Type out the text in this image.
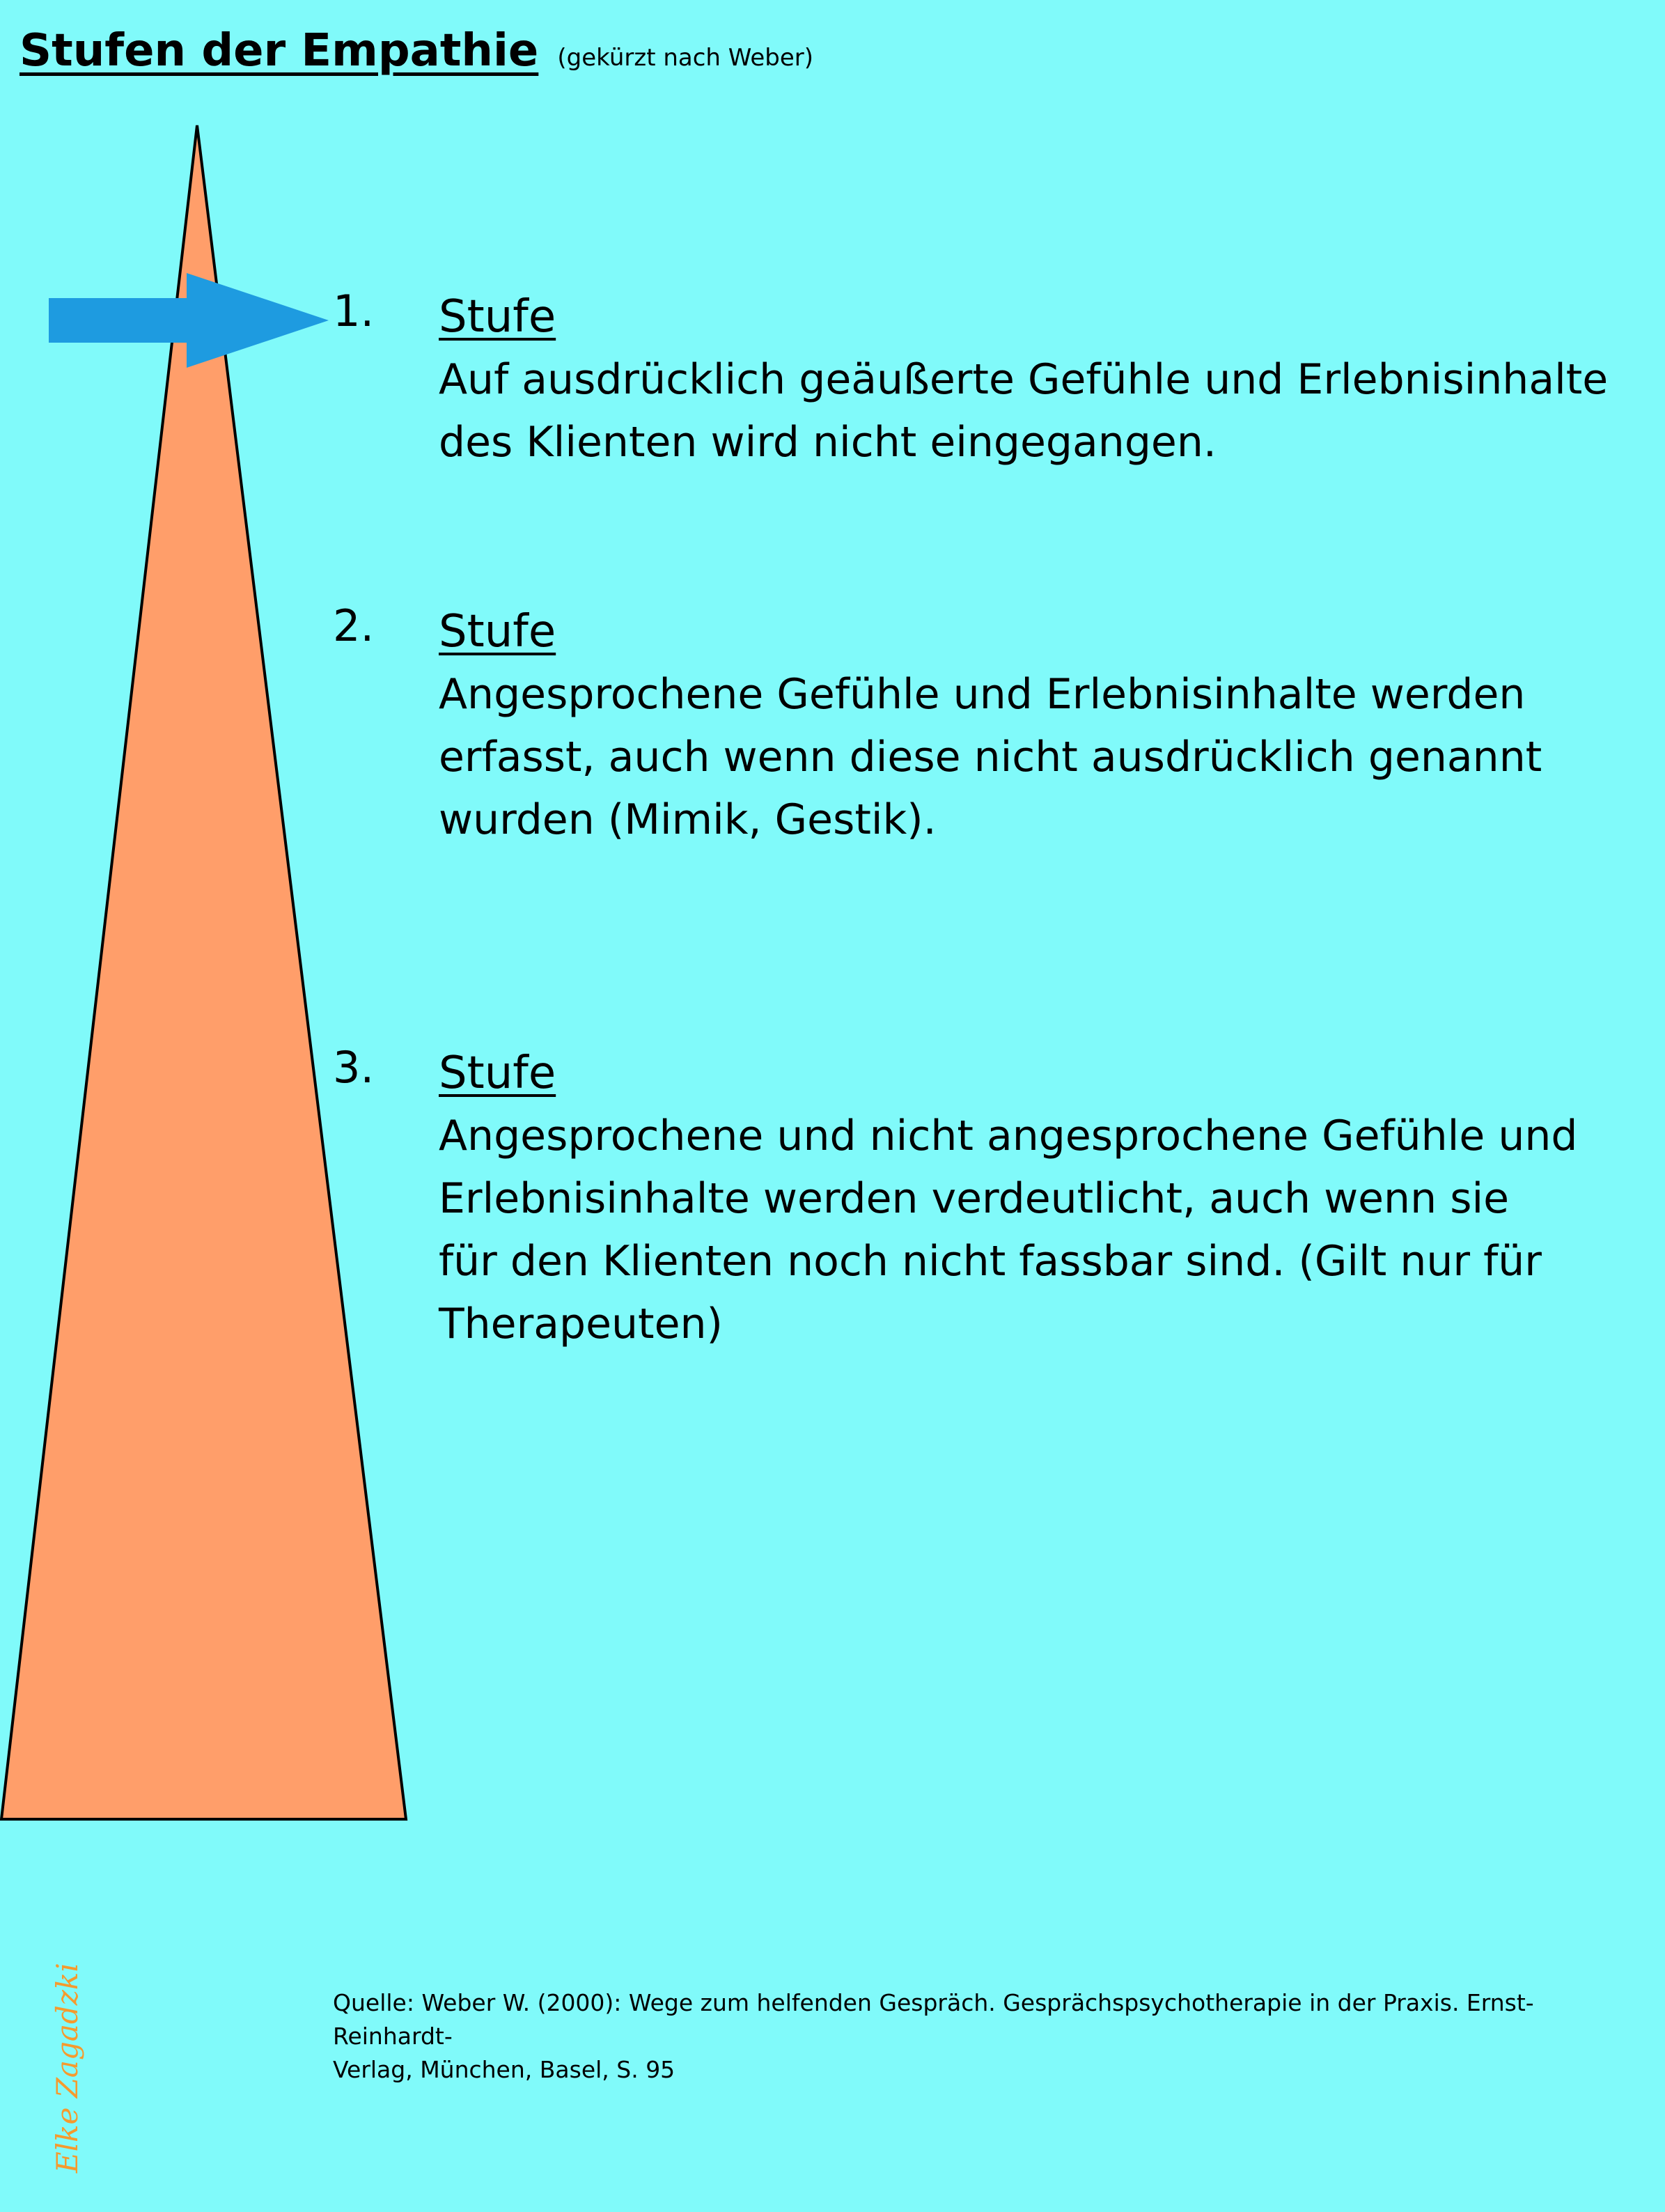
Stufen der Empathie (gekürzt nach Weber)
1. Stufe
Auf ausdrücklich geäußerte Gefühle und Erlebnisinhalte
des Klienten wird nicht eingegangen.
2. Stufe
Angesprochene Gefühle und Erlebnisinhalte werden
erfasst, auch wenn diese nicht ausdrücklich genannt
wurden (Mimik, Gestik).
3. Stufe
Angesprochene und nicht angesprochene Gefühle und
Erlebnisinhalte werden verdeutlicht, auch wenn sie
für den Klienten noch nicht fassbar sind. (Gilt nur für
Therapeuten)
Quelle: Weber W. (2000): Wege zum helfenden Gespräch. Gesprächspsychotherapie in der Praxis. Ernst-Reinhardt-
Verlag, München, Basel, S. 95
Elke Zagadzki
